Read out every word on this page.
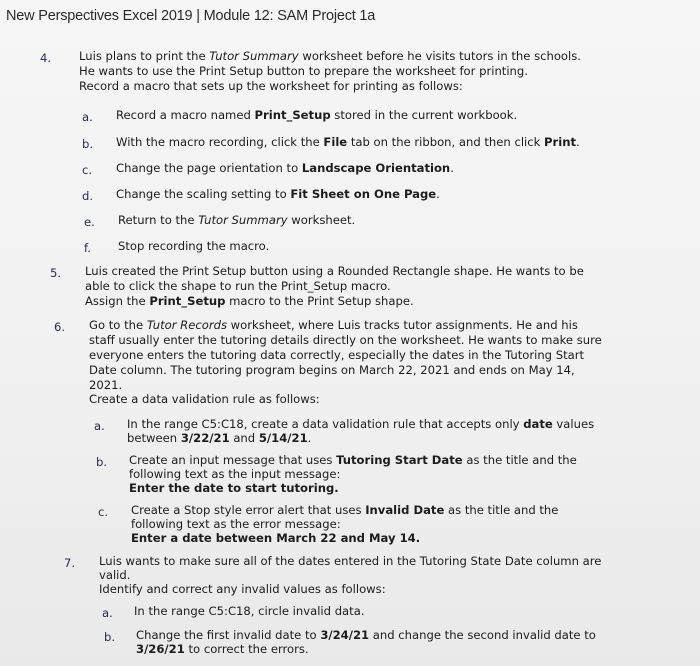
New Perspectives Excel 2019 | Module 12: SAM Project 1a
4. Luis plans to print the Tutor Summary worksheet before he visits tutors in the schools.
He wants to use the Print Setup button to prepare the worksheet for printing.
Record a macro that sets up the worksheet for printing as follows:
a. Record a macro named Print_Setup stored in the current workbook.
b. With the macro recording, click the File tab on the ribbon, and then click Print.
c. Change the page orientation to Landscape Orientation.
d. Change the scaling setting to Fit Sheet on One Page.
e. Return to the Tutor Summary worksheet.
f. Stop recording the macro.
5. Luis created the Print Setup button using a Rounded Rectangle shape. He wants to be
able to click the shape to run the Print_Setup macro.
Assign the Print_Setup macro to the Print Setup shape.
6. Go to the Tutor Records worksheet, where Luis tracks tutor assignments. He and his
staff usually enter the tutoring details directly on the worksheet. He wants to make sure
everyone enters the tutoring data correctly, especially the dates in the Tutoring Start
Date column. The tutoring program begins on March 22, 2021 and ends on May 14,
2021.
Create a data validation rule as follows:
a. In the range C5:C18, create a data validation rule that accepts only date values
between 3/22/21 and 5/14/21.
b. Create an input message that uses Tutoring Start Date as the title and the
following text as the input message:
Enter the date to start tutoring.
c. Create a Stop style error alert that uses Invalid Date as the title and the
following text as the error message:
Enter a date between March 22 and May 14.
7. Luis wants to make sure all of the dates entered in the Tutoring State Date column are
valid.
Identify and correct any invalid values as follows:
a. In the range C5:C18, circle invalid data.
b. Change the first invalid date to 3/24/21 and change the second invalid date to
3/26/21 to correct the errors.
